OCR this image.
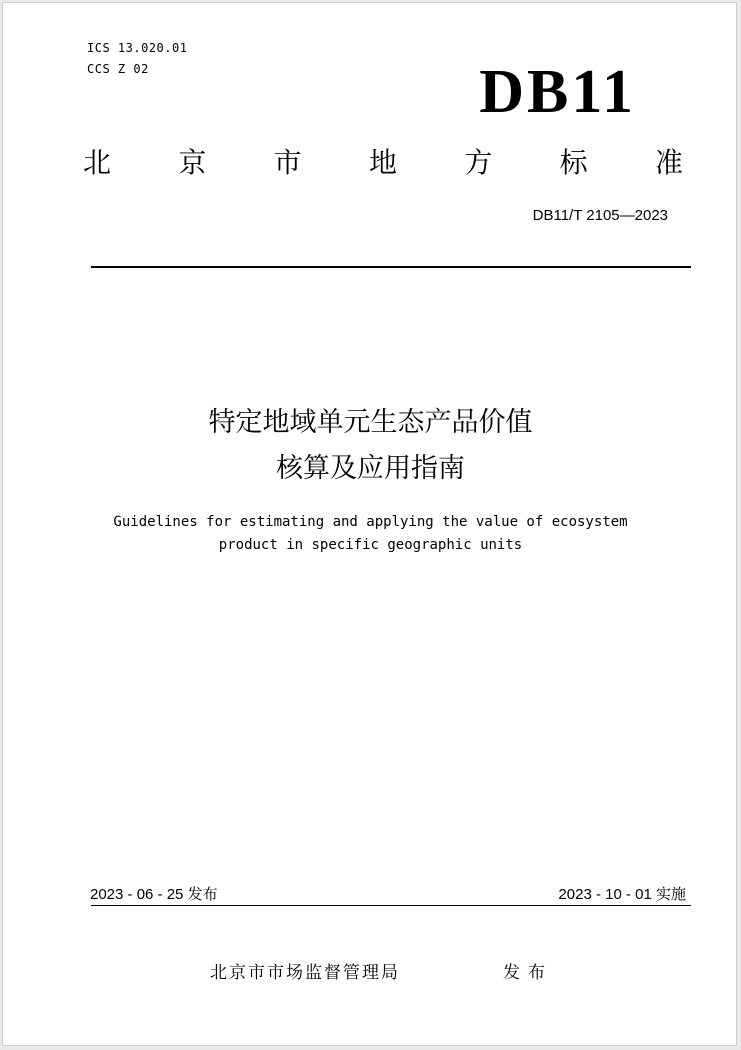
ICS 13.020.01
CCS Z 02	DB11
北 京 市 地 方 标 准
DB11/T 2105—2023
特定地域单元生态产品价值
核算及应用指南
Guidelines for estimating and applying the value of ecosystem
product in specific geographic units
2023 - 06 - 25 发布	2023 - 10 - 01 实施
北京市市场监督管理局	发布
